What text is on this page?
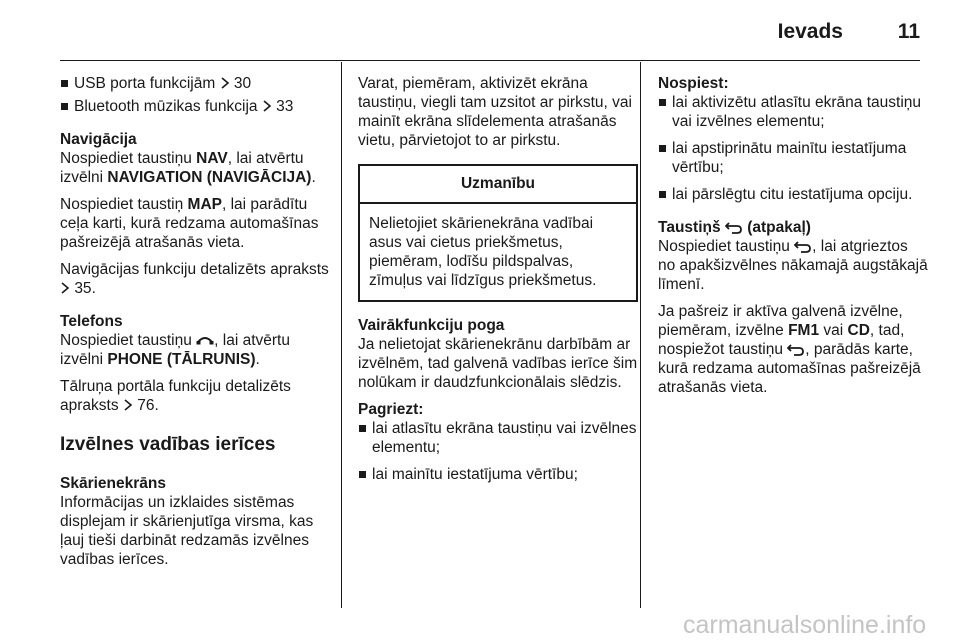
Ievads	11
USB porta funkcijām 30
Bluetooth mūzikas funkcija 33

Navigācija

Nospiediet taustiņu NAV, lai atvērtu izvēlni NAVIGATION (NAVIGĀCIJA).

Nospiediet taustiņ MAP, lai parādītu ceļa karti, kurā redzama automašīnas pašreizējā atrašanās vieta.

Navigācijas funkciju detalizēts apraksts  35.

Telefons

Nospiediet taustiņu , lai atvērtu izvēlni PHONE (TĀLRUNIS).

Tālruņa portāla funkciju detalizēts apraksts  76.

Izvēlnes vadības ierīces

Skārienekrāns

Informācijas un izklaides sistēmas displejam ir skārienjutīga virsma, kas ļauj tieši darbināt redzamās izvēlnes vadības ierīces.

Varat, piemēram, aktivizēt ekrāna taustiņu, viegli tam uzsitot ar pirkstu, vai mainīt ekrāna slīdelementa atrašanās vietu, pārvietojot to ar pirkstu.

Uzmanību
Nelietojiet skārienekrāna vadībai asus vai cietus priekšmetus, piemēram, lodīšu pildspalvas, zīmuļus vai līdzīgus priekšmetus.

Vairākfunkciju poga

Ja nelietojat skārienekrānu darbībām ar izvēlnēm, tad galvenā vadības ierīce šim nolūkam ir daudzfunkcionālais slēdzis.

Pagriezt:

lai atlasītu ekrāna taustiņu vai izvēlnes elementu;
lai mainītu iestatījuma vērtību;

Nospiest:

lai aktivizētu atlasītu ekrāna taustiņu vai izvēlnes elementu;
lai apstiprinātu mainītu iestatījuma vērtību;
lai pārslēgtu citu iestatījuma opciju.

Taustiņš  (atpakaļ)

Nospiediet taustiņu , lai atgrieztos no apakšizvēlnes nākamajā augstākajā līmenī.

Ja pašreiz ir aktīva galvenā izvēlne, piemēram, izvēlne FM1 vai CD, tad, nospiežot taustiņu , parādās karte, kurā redzama automašīnas pašreizējā atrašanās vieta.

carmanualsonline.info
